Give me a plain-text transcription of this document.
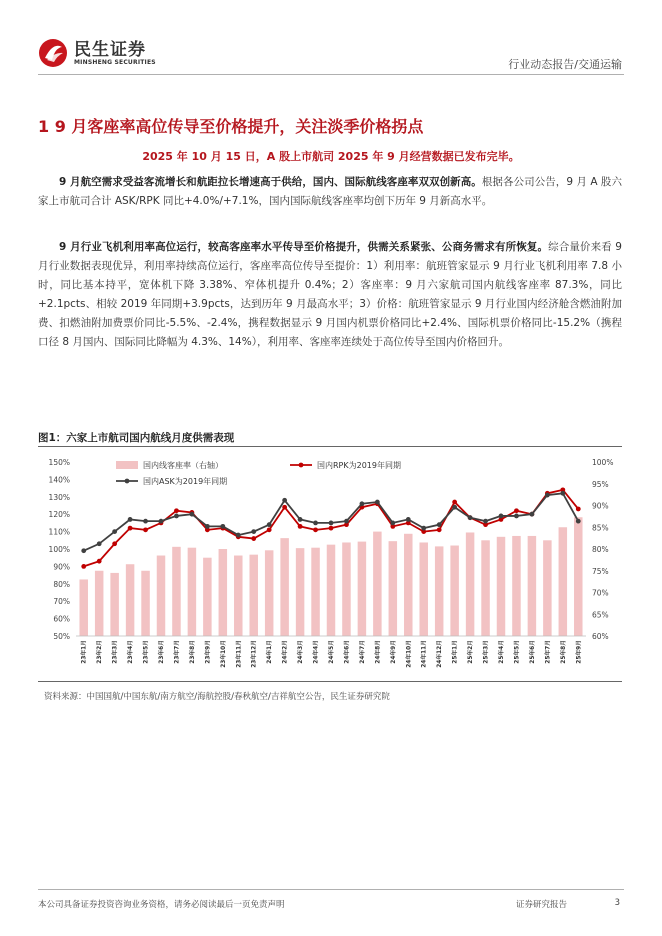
民生证券
MINSHENG SECURITIES	行业动态报告/交通运输
1 9 月客座率高位传导至价格提升，关注淡季价格拐点
2025 年 10 月 15 日，A 股上市航司 2025 年 9 月经营数据已发布完毕。

9 月航空需求受益客流增长和航距拉长增速高于供给，国内、国际航线客座率双双创新高。根据各公司公告，9 月 A 股六家上市航司合计 ASK/RPK 同比+4.0%/+7.1%，国内国际航线客座率均创下历年 9 月新高水平。

9 月行业飞机利用率高位运行，较高客座率水平传导至价格提升，供需关系紧张、公商务需求有所恢复。综合量价来看 9 月行业数据表现优异，利用率持续高位运行，客座率高位传导至提价：1）利用率：航班管家显示 9 月行业飞机利用率 7.8 小时，同比基本持平，宽体机下降 3.38%、窄体机提升 0.4%；2）客座率：9 月六家航司国内航线客座率 87.3%，同比+2.1pcts、相较 2019 年同期+3.9pcts，达到历年 9 月最高水平；3）价格：航班管家显示 9 月行业国内经济舱含燃油附加费、扣燃油附加费票价同比-5.5%、-2.4%，携程数据显示 9 月国内机票价格同比+2.4%、国际机票价格同比-15.2%（携程口径 8 月国内、国际同比降幅为 4.3%、14%），利用率、客座率连续处于高位传导至国内价格回升。

图1：六家上市航司国内航线月度供需表现
50%
60%
70%
80%
90%
100%
110%
120%
130%
140%
150%
60%
65%
70%
75%
80%
85%
90%
95%
100%
23年1月	23年2月	23年3月	23年4月	23年5月	23年6月	23年7月	23年8月	23年9月	23年10月	23年11月	23年12月	24年1月	24年2月	24年3月	24年4月	24年5月	24年6月	24年7月	24年8月	24年9月	24年10月	24年11月	24年12月	25年1月	25年2月	25年3月	25年4月	25年5月	25年6月	25年7月	25年8月	25年9月
国内线客座率（右轴）	国内RPK为2019年同期
国内ASK为2019年同期
资料来源：中国国航/中国东航/南方航空/海航控股/春秋航空/吉祥航空公告，民生证券研究院
本公司具备证券投资咨询业务资格，请务必阅读最后一页免责声明	证券研究报告	3
